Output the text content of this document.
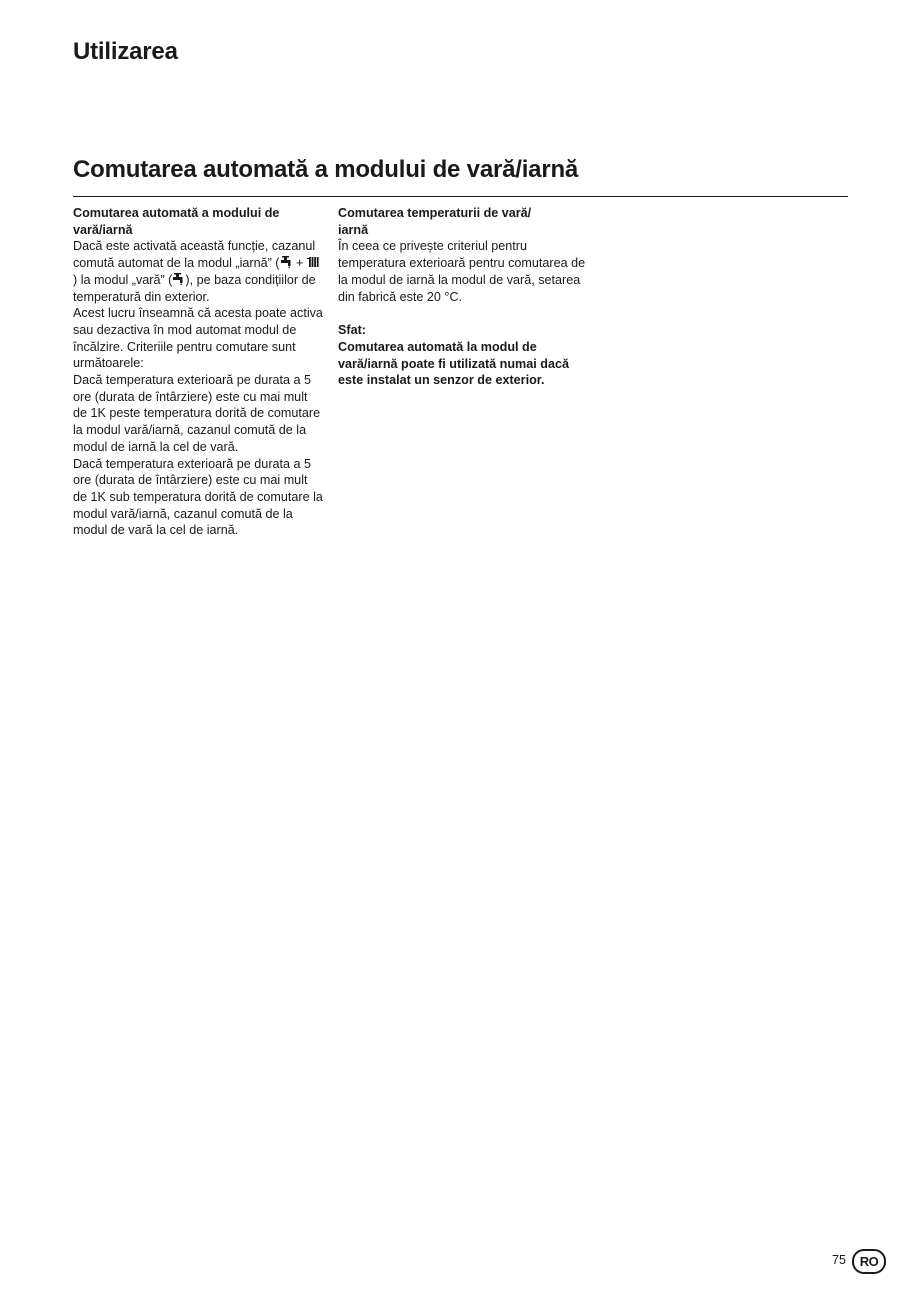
Utilizarea
Comutarea automată a modului de vară/iarnă

Comutarea automată a modului de
vară/iarnă

Dacă este activată această funcție, cazanul comută automat de la modul „iarnă” ( + ) la modul „vară” ( ), pe baza condițiilor de temperatură din exterior.

Acest lucru înseamnă că acesta poate activa sau dezactiva în mod automat modul de încălzire. Criteriile pentru comutare sunt următoarele:

Dacă temperatura exterioară pe durata a 5 ore (durata de întârziere) este cu mai mult de 1K peste temperatura dorită de comutare la modul vară/iarnă, cazanul comută de la modul de iarnă la cel de vară.

Dacă temperatura exterioară pe durata a 5 ore (durata de întârziere) este cu mai mult de 1K sub temperatura dorită de comutare la modul vară/iarnă, cazanul comută de la modul de vară la cel de iarnă.

Comutarea temperaturii de vară/
iarnă

În ceea ce privește criteriul pentru temperatura exterioară pentru comutarea de la modul de iarnă la modul de vară, setarea din fabrică este 20 °C.

Sfat:

Comutarea automată la modul de vară/iarnă poate fi utilizată numai dacă este instalat un senzor de exterior.

75	RO
